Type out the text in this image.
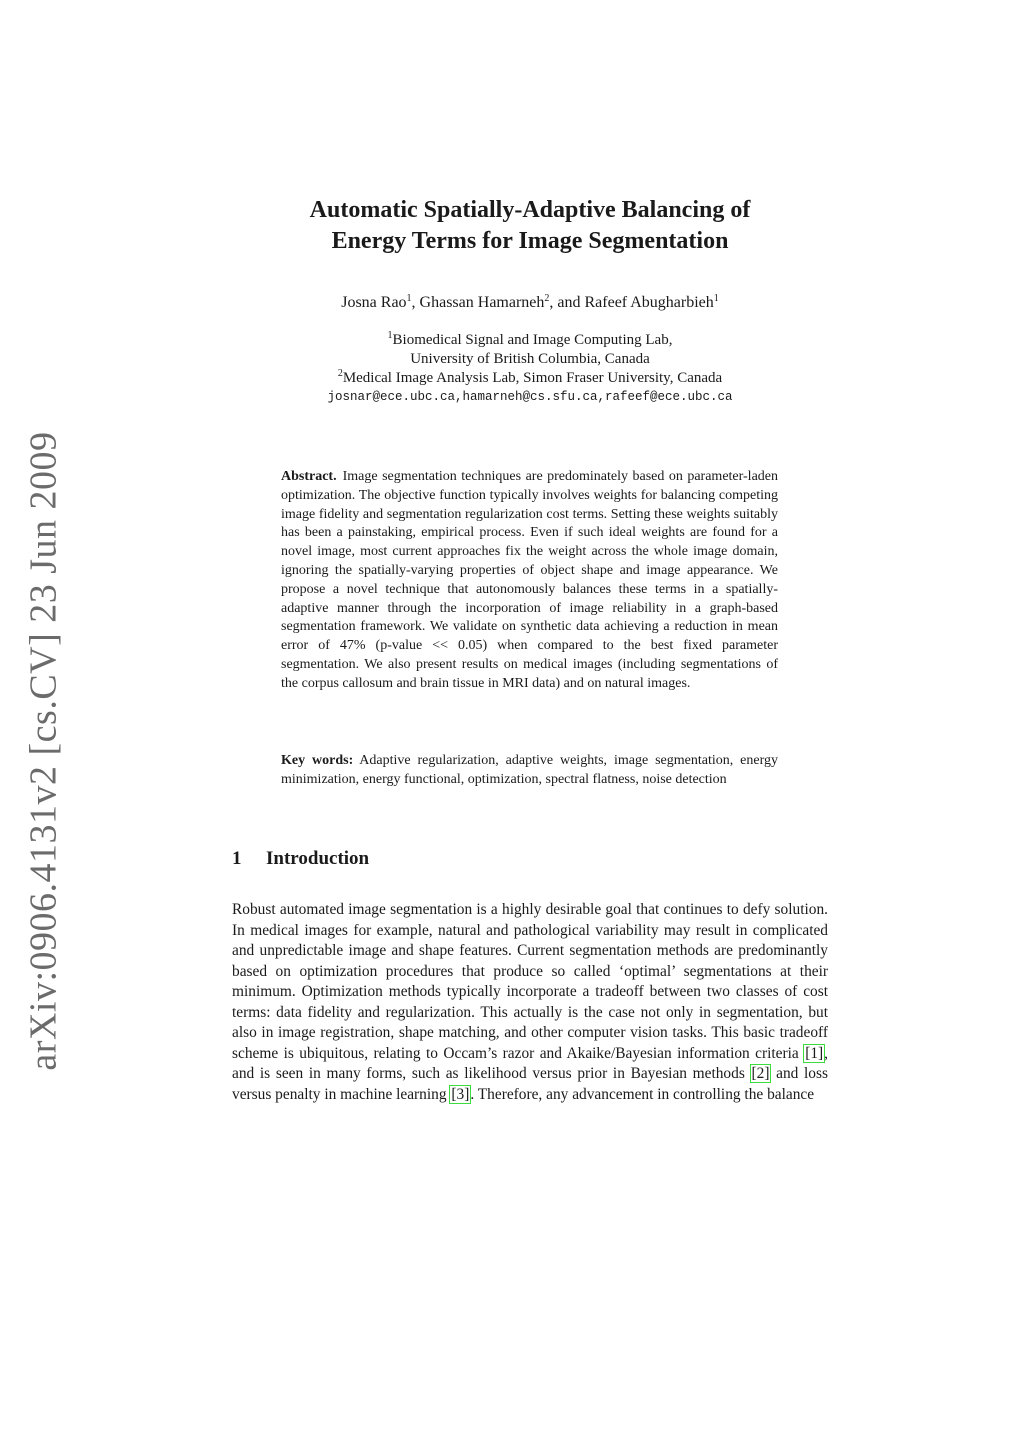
arXiv:0906.4131v2 [cs.CV] 23 Jun 2009
Automatic Spatially-Adaptive Balancing of
Energy Terms for Image Segmentation
Josna Rao$^1$, Ghassan Hamarneh$^2$, and Rafeef Abugharbieh$^1$
$^1$Biomedical Signal and Image Computing Lab,
University of British Columbia, Canada
$^2$Medical Image Analysis Lab, Simon Fraser University, Canada
josnar@ece.ubc.ca,hamarneh@cs.sfu.ca,rafeef@ece.ubc.ca
Abstract. Image segmentation techniques are predominately based on parameter-laden optimization. The objective function typically involves weights for balancing competing image fidelity and segmentation regularization cost terms. Setting these weights suitably has been a painstaking, empirical process. Even if such ideal weights are found for a novel image, most current approaches fix the weight across the whole image domain, ignoring the spatially-varying properties of object shape and image appearance. We propose a novel technique that autonomously balances these terms in a spatially-adaptive manner through the incorporation of image reliability in a graph-based segmentation framework. We validate on synthetic data achieving a reduction in mean error of 47% (p-value << 0.05) when compared to the best fixed parameter segmentation. We also present results on medical images (including segmentations of the corpus callosum and brain tissue in MRI data) and on natural images.
Key words: Adaptive regularization, adaptive weights, image segmentation, energy minimization, energy functional, optimization, spectral flatness, noise detection
1 Introduction
Robust automated image segmentation is a highly desirable goal that continues to defy solution. In medical images for example, natural and pathological variability may result in complicated and unpredictable image and shape features. Current segmentation methods are predominantly based on optimization procedures that produce so called ‘optimal’ segmentations at their minimum. Optimization methods typically incorporate a tradeoff between two classes of cost terms: data fidelity and regularization. This actually is the case not only in segmentation, but also in image registration, shape matching, and other computer vision tasks. This basic tradeoff scheme is ubiquitous, relating to Occam’s razor and Akaike/Bayesian information criteria [1], and is seen in many forms, such as likelihood versus prior in Bayesian methods [2] and loss versus penalty in machine learning [3]. Therefore, any advancement in controlling the balance
